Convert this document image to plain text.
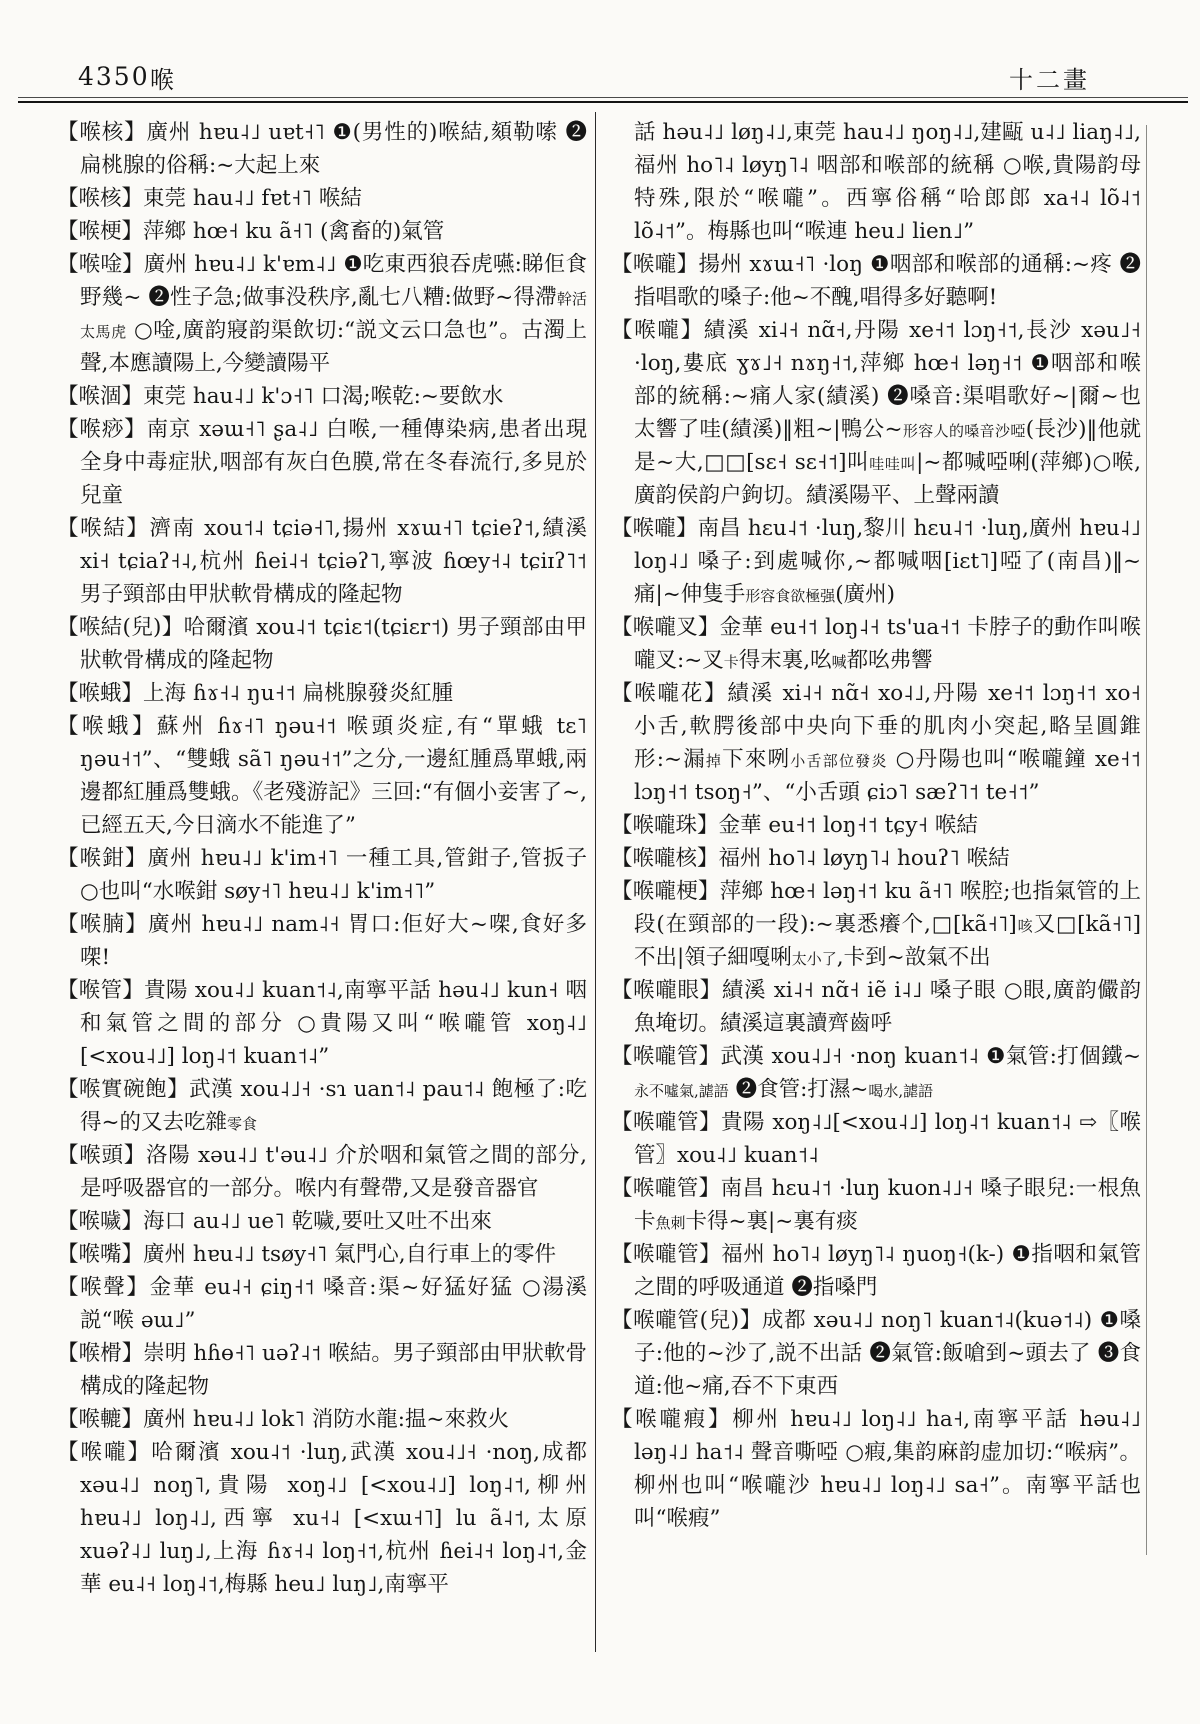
4350 喉	十二畫
【喉核】廣州 hɐu˨˩ uɐt˧˥ ❶(男性的)喉結,頦勒嗦 ❷扁桃腺的俗稱:~大起上來
【喉核】東莞 hau˨˩ fɐt˧˥ 喉結
【喉梗】萍鄉 hœ˧ ku ã˧˥ (禽畜的)氣管
【喉唫】廣州 hɐu˨˩ k'ɐm˨˩ ❶吃東西狼吞虎嚥:睇佢食野幾~ ❷性子急;做事没秩序,亂七八糟:做野~得滯幹活太馬虎 ○唫,廣韵寢韵渠飲切:“説文云口急也”。古濁上聲,本應讀陽上,今變讀陽平
【喉涸】東莞 hau˨˩ k'ɔ˧˥ 口渴;喉乾:~要飲水
【喉痧】南京 xəɯ˧˥ ʂa˨˩ 白喉,一種傳染病,患者出現全身中毒症狀,咽部有灰白色膜,常在冬春流行,多見於兒童
【喉結】濟南 xou˦˨ tɕiə˧˥,揚州 xɤɯ˧˥ tɕieʔ˦,績溪 xi˧ tɕiaʔ˧˨,杭州 ɦei˨˧ tɕiəʔ˥,寧波 ɦœy˧˨ tɕiɪʔ˥˦ 男子頸部由甲狀軟骨構成的隆起物
【喉結(兒)】哈爾濱 xou˨˦ tɕiɛ˦(tɕiɛr˦) 男子頸部由甲狀軟骨構成的隆起物
【喉蛾】上海 ɦɤ˧˨ ŋu˧˦ 扁桃腺發炎紅腫
【喉蛾】蘇州 ɦɤ˧˥ ŋəu˧˦ 喉頭炎症,有“單蛾 tɛ˥ ŋəu˧˦”、“雙蛾 sã˥ ŋəu˧˦”之分,一邊紅腫爲單蛾,兩邊都紅腫爲雙蛾。《老殘游記》三回:“有個小妾害了~,已經五天,今日滴水不能進了”
【喉鉗】廣州 hɐu˨˩ k'im˧˥ 一種工具,管鉗子,管扳子 ○也叫“水喉鉗 søy˧˥ hɐu˨˩ k'im˧˥”
【喉腩】廣州 hɐu˨˩ nam˨˧ 胃口:佢好大~㗎,食好多㗎!
【喉管】貴陽 xou˨˩ kuan˦˨,南寧平話 həu˨˩ kun˧ 咽和氣管之間的部分 ○貴陽又叫“喉嚨管 xoŋ˨˩ [<xou˨˩] loŋ˨˦ kuan˦˨”
【喉實碗飽】武漢 xou˨˩˧ ·sɿ uan˦˨ pau˦˨ 飽極了:吃得~的又去吃雜零食
【喉頭】洛陽 xəu˨˩ t'əu˨˩ 介於咽和氣管之間的部分,是呼吸器官的一部分。喉内有聲帶,又是發音器官
【喉噦】海口 au˨˩ ue˥ 乾噦,要吐又吐不出來
【喉嘴】廣州 hɐu˨˩ tsøy˧˥ 氣門心,自行車上的零件
【喉聲】金華 eu˨˧ ɕiŋ˧˦ 嗓音:渠~好猛好猛 ○湯溪説“喉 əɯ˩”
【喉榾】崇明 hɦɵ˧˥ uəʔ˨˦ 喉結。男子頸部由甲狀軟骨構成的隆起物
【喉轆】廣州 hɐu˨˩ lok˥ 消防水龍:揾~來救火
【喉嚨】哈爾濱 xou˨˦ ·luŋ,武漢 xou˨˩˧ ·noŋ,成都 xəu˨˩ noŋ˥,貴陽 xoŋ˨˩ [<xou˨˩] loŋ˨˦,柳州 hɐu˨˩ loŋ˨˩,西寧 xu˧˨ [<xɯ˧˥] lu ã˨˦,太原 xuəʔ˨˩ luŋ˩,上海 ɦɤ˧˨ loŋ˧˦,杭州 ɦei˨˧ loŋ˨˦,金華 eu˨˧ loŋ˨˦,梅縣 heu˩ luŋ˩,南寧平
話 həu˨˩ løŋ˨˩,東莞 hau˨˩ ŋoŋ˨˩,建甌 u˨˩ liaŋ˨˩,福州 ho˥˨ løyŋ˥˨ 咽部和喉部的統稱 ○喉,貴陽韵母特殊,限於“喉嚨”。西寧俗稱“哈郎郎 xa˧˨ lõ˨˦ lõ˨˦”。梅縣也叫“喉連 heu˩ lien˩”
【喉嚨】揚州 xɤɯ˧˥ ·loŋ ❶咽部和喉部的通稱:~疼 ❷指唱歌的嗓子:他~不醜,唱得多好聽啊!
【喉嚨】績溪 xi˨˧ nɑ̃˧,丹陽 xe˧˦ lɔŋ˧˦,長沙 xəu˩˧ ·loŋ,婁底 ɣɤ˩˧ nɤŋ˧˦,萍鄉 hœ˧ ləŋ˧˦ ❶咽部和喉部的統稱:~痛人家(績溪) ❷嗓音:渠唱歌好~|爾~也太響了哇(績溪)‖粗~|鴨公~形容人的嗓音沙啞(長沙)‖他就是~大,□□[sɛ˧ sɛ˧˦]叫哇哇叫|~都喊啞唎(萍鄉)○喉,廣韵侯韵户鉤切。績溪陽平、上聲兩讀
【喉嚨】南昌 hɛu˨˦ ·luŋ,黎川 hɛu˨˦ ·luŋ,廣州 hɐu˨˩ loŋ˨˩ 嗓子:到處喊你,~都喊咽[iɛt˥]啞了(南昌)‖~痛|~伸隻手形容食欲極强(廣州)
【喉嚨叉】金華 eu˧˦ loŋ˨˧ ts'ua˧˦ 卡脖子的動作叫喉嚨叉:~叉卡得末裏,吆喊都吆弗響
【喉嚨花】績溪 xi˨˧ nɑ̃˧ xo˨˩,丹陽 xe˧˦ lɔŋ˧˦ xo˧ 小舌,軟腭後部中央向下垂的肌肉小突起,略呈圓錐形:~漏掉下來咧小舌部位發炎 ○丹陽也叫“喉嚨鐘 xe˧˦ lɔŋ˧˦ tsoŋ˧”、“小舌頭 ɕiɔ˥ sæʔ˥˦ te˧˦”
【喉嚨珠】金華 eu˧˦ loŋ˧˦ tɕy˧ 喉結
【喉嚨核】福州 ho˥˨ løyŋ˥˨ houʔ˥ 喉結
【喉嚨梗】萍鄉 hœ˧ ləŋ˧˦ ku ã˧˥ 喉腔;也指氣管的上段(在頸部的一段):~裏悉癢个,□[kã˧˥]咳又□[kã˧˥]不出|領子細嘎唎太小了,卡到~敨氣不出
【喉嚨眼】績溪 xi˨˧ nɑ̃˧ iẽ i˨˩ 嗓子眼 ○眼,廣韵儼韵魚埯切。績溪這裏讀齊齒呼
【喉嚨管】武漢 xou˨˩˧ ·noŋ kuan˦˨ ❶氣管:打個鐵~永不噓氣,謔語 ❷食管:打濕~喝水,謔語
【喉嚨管】貴陽 xoŋ˨˩[<xou˨˩] loŋ˨˦ kuan˦˨ ⇨〖喉管〗xou˨˩ kuan˦˨
【喉嚨管】南昌 hɛu˨˦ ·luŋ kuon˨˩˧ 嗓子眼兒:一根魚卡魚刺卡得~裏|~裏有痰
【喉嚨管】福州 ho˥˨ løyŋ˥˨ ŋuoŋ˧(k-) ❶指咽和氣管之間的呼吸通道 ❷指嗓門
【喉嚨管(兒)】成都 xəu˨˩ noŋ˥ kuan˦˨(kuə˦˨) ❶嗓子:他的~沙了,説不出話 ❷氣管:飯嗆到~頭去了 ❸食道:他~痛,吞不下東西
【喉嚨瘕】柳州 hɐu˨˩ loŋ˨˩ ha˧,南寧平話 həu˨˩ ləŋ˨˩ ha˦˨ 聲音嘶啞 ○瘕,集韵麻韵虚加切:“喉病”。柳州也叫“喉嚨沙 hɐu˨˩ loŋ˨˩ sa˧”。南寧平話也叫“喉瘕”
